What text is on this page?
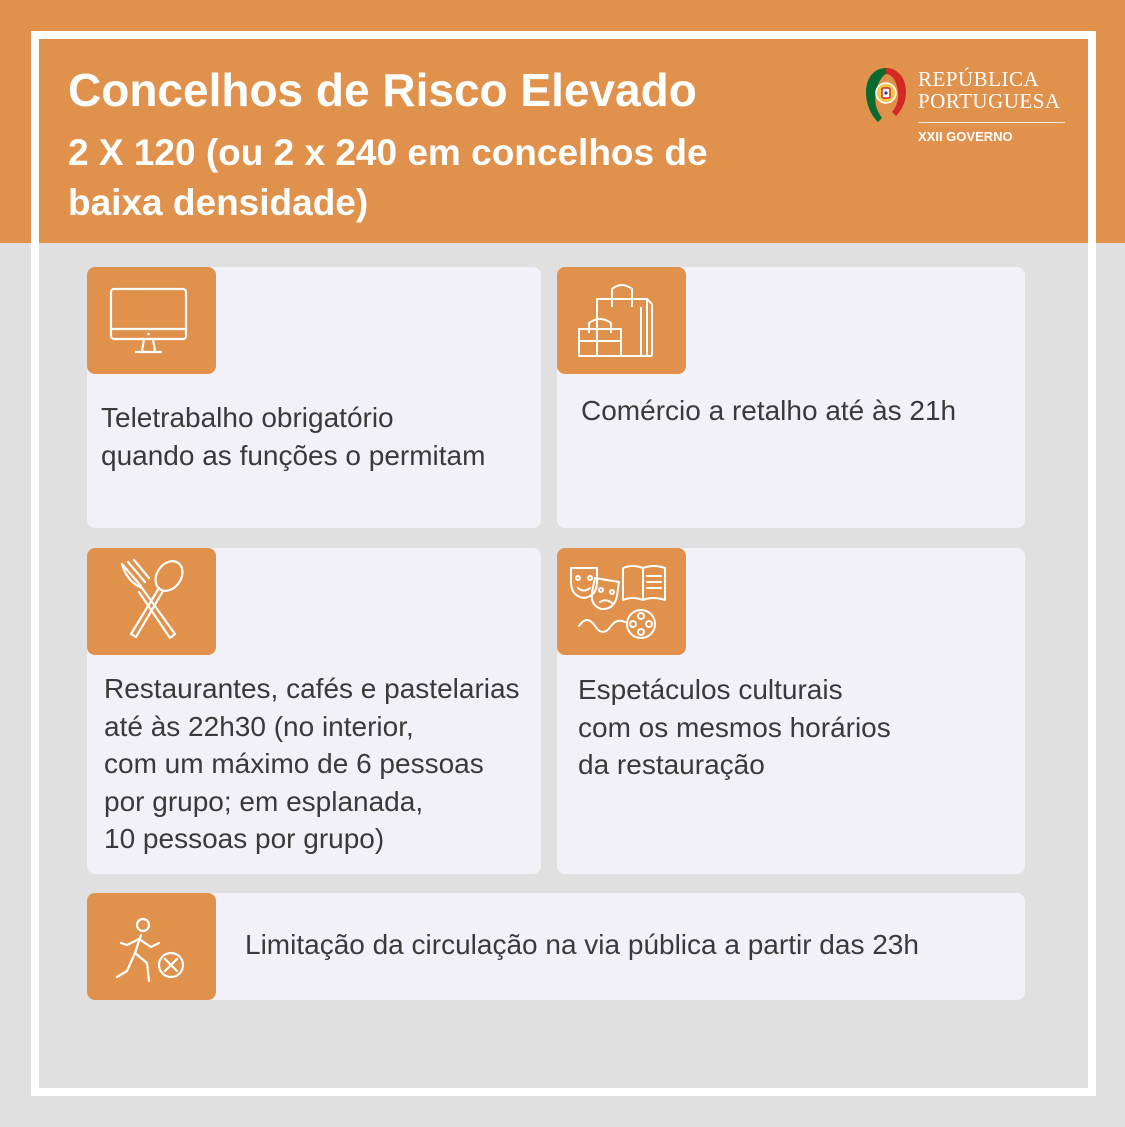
Concelhos de Risco Elevado
2 X 120 (ou 2 x 240 em concelhos de baixa densidade)
REPÚBLICA
PORTUGUESA
XXII GOVERNO

Teletrabalho obrigatório
quando as funções o permitam

Comércio a retalho até às 21h

Restaurantes, cafés e pastelarias
até às 22h30 (no interior,
com um máximo de 6 pessoas
por grupo; em esplanada,
10 pessoas por grupo)

Espetáculos culturais
com os mesmos horários
da restauração

Limitação da circulação na via pública a partir das 23h
